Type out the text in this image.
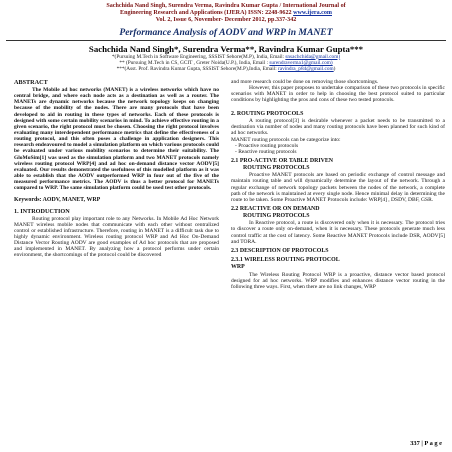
Sachchida Nand Singh, Surendra Verma, Ravindra Kumar Gupta / International Journal of
Engineering Research and Applications (IJERA) ISSN: 2248-9622 www.ijera.com
Vol. 2, Issue 6, November- December 2012, pp.337-342
Performance Analysis of AODV and WRP in MANET
Sachchida Nand Singh*, Surendra Verma**, Ravindra Kumar Gupta***
*(Pursuing M.Tech in Software Engineering, SSSIST Sehore(M.P), India, Email: snsachchida@gmail.com)
** (Pursuing M.Tech in CS, GCIT , Greter Noida(U.P.), India, Email : surendraverma1@gmail.com)
***(Asst. Prof. Ravindra Kumar Gupta, SSSIST Sehore(M.P),India, Email: ravindra_p84@gmail.com)
ABSTRACT

The Mobile ad hoc networks (MANET) is a wireless networks which have no central bridge, and where each node acts as a destination as well as a router. The MANETs are dynamic networks because the network topology keeps on changing because of the mobility of the nodes. There are many protocols that have been developed to aid in routing in these types of networks. Each of these protocols is designed with some certain mobility scenarios in mind. To achieve effective routing in a given scenario, the right protocol must be chosen. Choosing the right protocol involves evaluating many interdependent performance metrics that define the effectiveness of a routing protocol, and this often poses a challenge in application designers. This research endeavoured to model a simulation platform on which various protocols could be evaluated under various mobility scenarios to determine their suitability. The GloMoSim[1] was used as the simulation platform and two MANET protocols namely wireless routing protocol WRP[4] and ad hoc on-demand distance vector AODV[5] evaluated. Our results demonstrated the usefulness of this modelled platform as it was able to establish that the AODV outperformed WRP in four out of the five of the measured performance metrics. The AODV is thus a better protocol for MANETs compared to WRP. The same simulation platform could be used test other protocols.

Keywords: AODV, MANET, WRP
1. INTRODUCTION

Routing protocol play important role to any Networks. In Mobile Ad Hoc Network MANET wireless mobile nodes that communicate with each other without centralized control or established infrastructure. Therefore, routing in MANET is a difficult task due to highly dynamic environment. Wireless routing protocol WRP and Ad Hoc On-Demand Distance Vector Routing AODV are good examples of Ad hoc protocols that are proposed and implemented in MANET. By analyzing how a protocol performs under certain environment, the shortcomings of the protocol could be discovered

and more research could be done on removing those shortcomings.

However, this paper proposes to undertake comparison of these two protocols in specific scenarios with MANET in order to help in choosing the best protocol suited to particular conditions by highlighting the pros and cons of these two tested protocols.

2. ROUTING PROTOCOLS

A routing protocol[3] is desirable whenever a packet needs to be transmitted to a destination via number of nodes and many routing protocols have been planned for such kind of ad hoc networks.

MANET routing protocols can be categorize into:

- Proactive routing protocols
- Reactive routing protocols
2.1 PRO-ACTIVE OR TABLE DRIVEN
ROUTING PROTOCOLS

Proactive MANET protocols are based on periodic exchange of control message and maintain routing table and will dynamically determine the layout of the network. Through a regular exchange of network topology packets between the nodes of the network, a complete path of the network is maintained at every single node. Hence minimal delay in determining the route to be taken. Some Proactive MANET Protocols include: WRP[4] , DSDV, DBF, GSR.

2.2 REACTIVE OR ON DEMAND
ROUTING PROTOCOLS

In Reactive protocol, a route is discovered only when it is necessary. The protocol tries to discover a route only on-demand, when it is necessary. These protocols generate much less control traffic at the cost of latency. Some Reactive MANET Protocols include DSR, AODV[5] and TORA.

2.3 DESCRIPTION OF PROTOCOLS
2.3.1 WIRELESS ROUTING PROTOCOL
WRP

The Wireless Routing Protocol WRP is a proactive, distance vector based protocol designed for ad hoc networks. WRP modifies and enhances distance vector routing in the following three ways. First, when there are no link changes, WRP

337 | P a g e
